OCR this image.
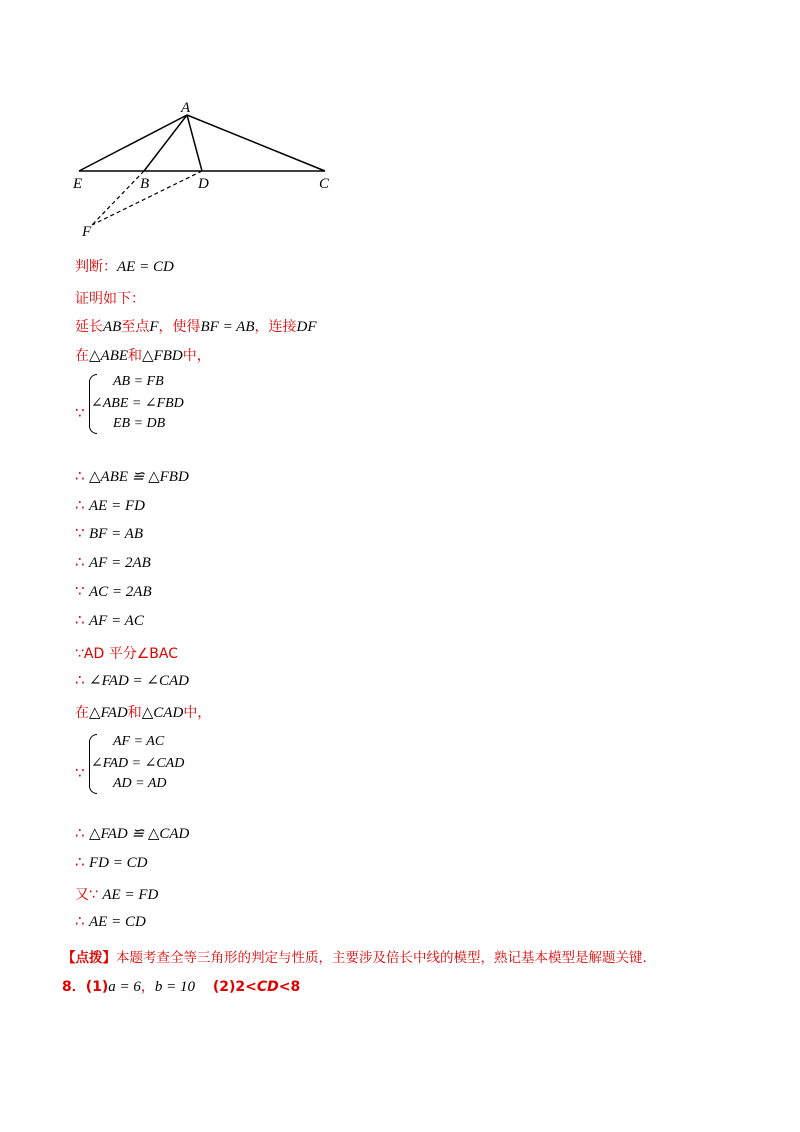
A
E	B	D	C
F
判断：AE = CD
证明如下：
延长AB至点F，使得BF = AB，连接DF
在△ABE和△FBD中，
∵
AB = FB
∠ABE = ∠FBD
EB = DB
∴ △ABE ≌ △FBD
∴ AE = FD
∵ BF = AB
∴ AF = 2AB
∵ AC = 2AB
∴ AF = AC
∵AD 平分∠BAC
∴ ∠FAD = ∠CAD
在△FAD和△CAD中，
∵
AF = AC
∠FAD = ∠CAD
AD = AD
∴ △FAD ≌ △CAD
∴ FD = CD
又∵ AE = FD
∴ AE = CD
【点拨】本题考查全等三角形的判定与性质，主要涉及倍长中线的模型，熟记基本模型是解题关键.
8．(1)a = 6，b = 10 (2)2<CD<8
